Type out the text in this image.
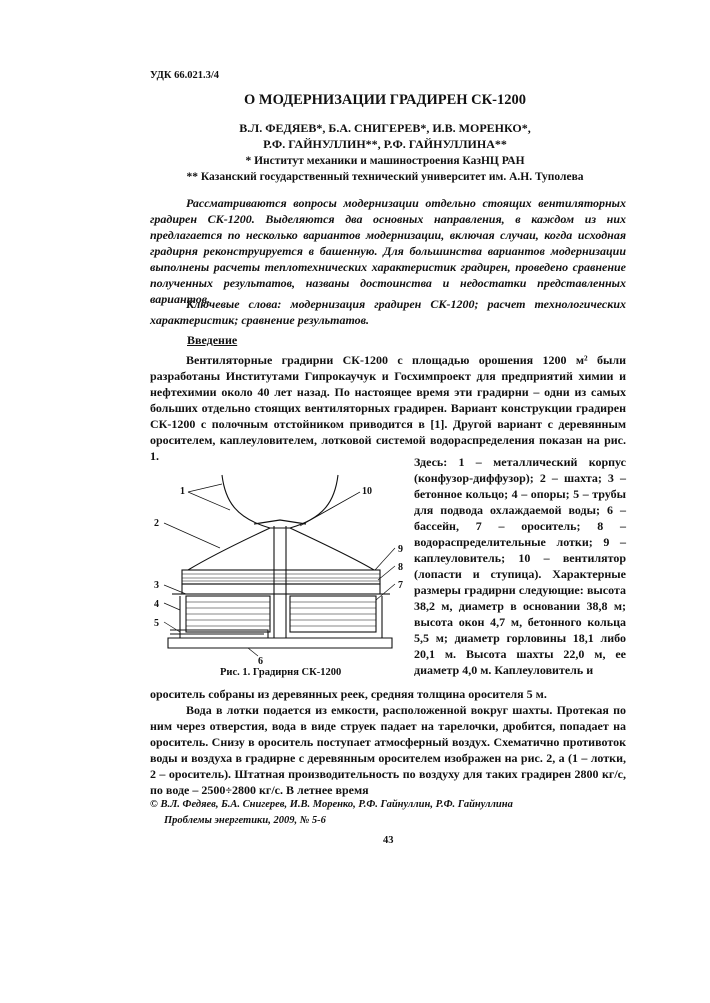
УДК 66.021.3/4
О МОДЕРНИЗАЦИИ ГРАДИРЕН СК-1200
В.Л. ФЕДЯЕВ*, Б.А. СНИГЕРЕВ*, И.В. МОРЕНКО*,
Р.Ф. ГАЙНУЛЛИН**, Р.Ф. ГАЙНУЛЛИНА**
* Институт механики и машиностроения КазНЦ РАН
** Казанский государственный технический университет им. А.Н. Туполева
Рассматриваются вопросы модернизации отдельно стоящих вентиляторных градирен СК-1200. Выделяются два основных направления, в каждом из них предлагается по несколько вариантов модернизации, включая случаи, когда исходная градирня реконструируется в башенную. Для большинства вариантов модернизации выполнены расчеты теплотехнических характеристик градирен, проведено сравнение полученных результатов, названы достоинства и недостатки представленных вариантов.
Ключевые слова: модернизация градирен СК-1200; расчет технологических характеристик; сравнение результатов.
Введение
Вентиляторные градирни СК-1200 с площадью орошения 1200 м² были разработаны Институтами Гипрокаучук и Госхимпроект для предприятий химии и нефтехимии около 40 лет назад. По настоящее время эти градирни – одни из самых больших отдельно стоящих вентиляторных градирен. Вариант конструкции градирен СК-1200 с полочным отстойником приводится в [1]. Другой вариант с деревянным оросителем, каплеуловителем, лотковой системой водораспределения показан на рис. 1.
1
2
3
4
5
6
7
8
9
10
Рис. 1. Градирня СК-1200
Здесь: 1 – металлический корпус (конфузор-диффузор); 2 – шахта; 3 – бетонное кольцо; 4 – опоры; 5 – трубы для подвода охлаждаемой воды; 6 – бассейн, 7 – ороситель; 8 – водораспределительные лотки; 9 – каплеуловитель; 10 – вентилятор (лопасти и ступица). Характерные размеры градирни следующие: высота 38,2 м, диаметр в основании 38,8 м; высота окон 4,7 м, бетонного кольца 5,5 м; диаметр горловины 18,1 либо 20,1 м. Высота шахты 22,0 м, ее диаметр 4,0 м. Каплеуловитель и
ороситель собраны из деревянных реек, средняя толщина оросителя 5 м.
Вода в лотки подается из емкости, расположенной вокруг шахты. Протекая по ним через отверстия, вода в виде струек падает на тарелочки, дробится, попадает на ороситель. Снизу в ороситель поступает атмосферный воздух. Схематично противоток воды и воздуха в градирне с деревянным оросителем изображен на рис. 2, а (1 – лотки, 2 – ороситель). Штатная производительность по воздуху для таких градирен 2800 кг/с, по воде – 2500÷2800 кг/с. В летнее время
© В.Л. Федяев, Б.А. Снигерев, И.В. Моренко, Р.Ф. Гайнуллин, Р.Ф. Гайнуллина
Проблемы энергетики, 2009, № 5-6
43
